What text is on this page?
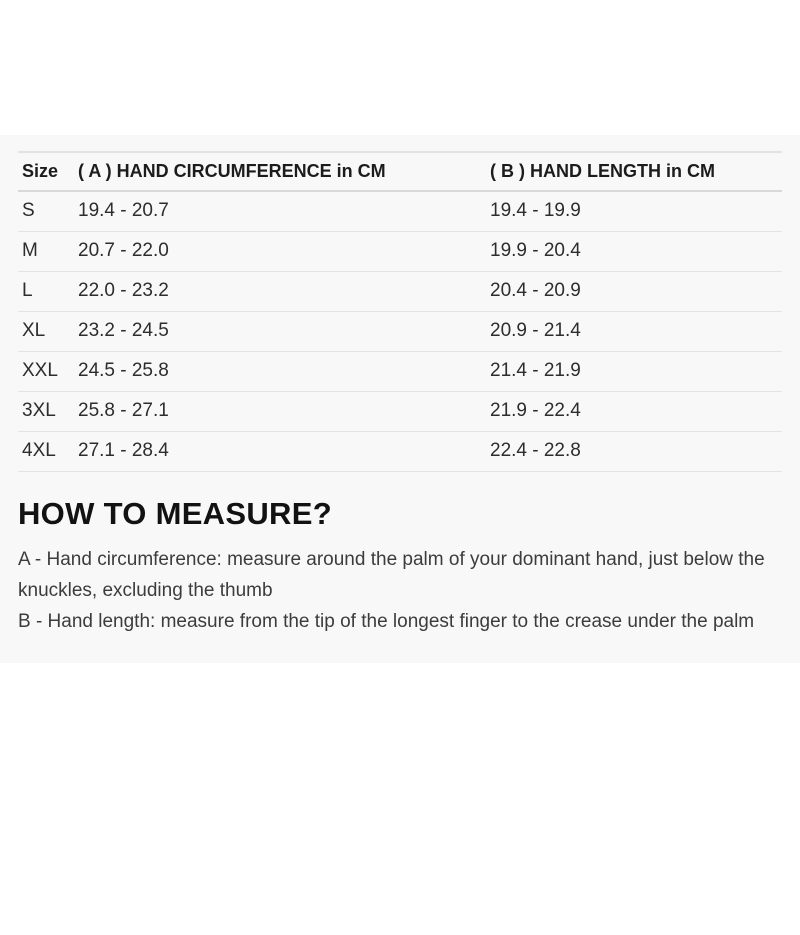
Size	( A ) HAND CIRCUMFERENCE in CM	( B ) HAND LENGTH in CM
S	19.4 - 20.7	19.4 - 19.9
M	20.7 - 22.0	19.9 - 20.4
L	22.0 - 23.2	20.4 - 20.9
XL	23.2 - 24.5	20.9 - 21.4
XXL	24.5 - 25.8	21.4 - 21.9
3XL	25.8 - 27.1	21.9 - 22.4
4XL	27.1 - 28.4	22.4 - 22.8
HOW TO MEASURE?

A - Hand circumference: measure around the palm of your dominant hand, just below the knuckles, excluding the thumb

B - Hand length: measure from the tip of the longest finger to the crease under the palm
